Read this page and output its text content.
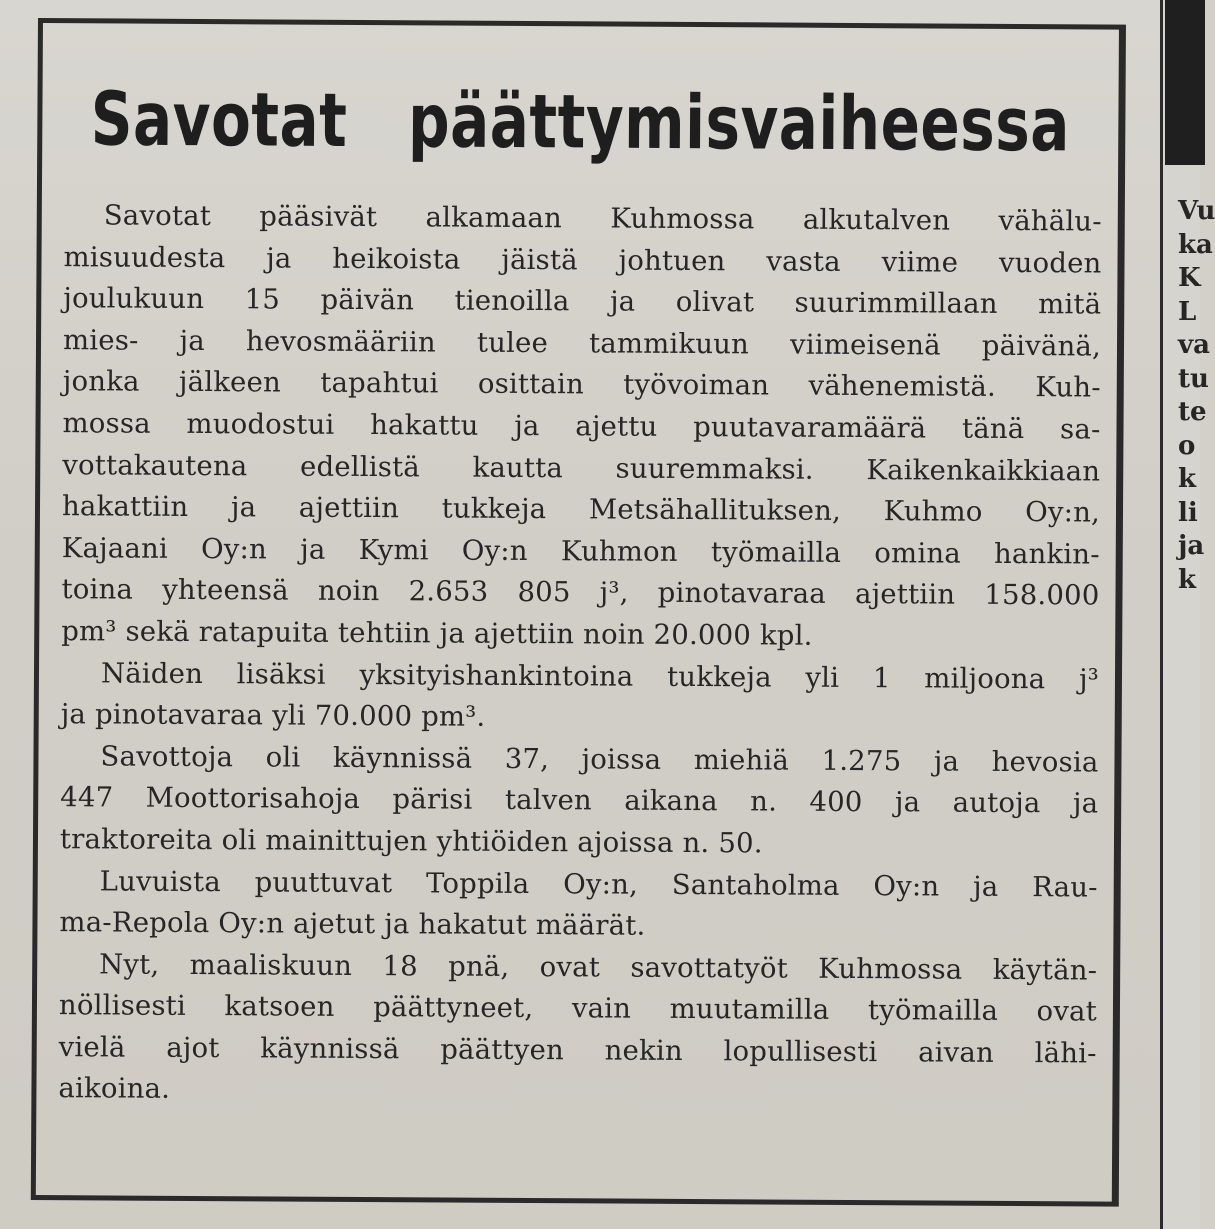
Savotat päättymisvaiheessa
Savotat pääsivät alkamaan Kuhmossa alkutalven vähälu-
misuudesta ja heikoista jäistä johtuen vasta viime vuoden
joulukuun 15 päivän tienoilla ja olivat suurimmillaan mitä
mies- ja hevosmääriin tulee tammikuun viimeisenä päivänä,
jonka jälkeen tapahtui osittain työvoiman vähenemistä. Kuh-
mossa muodostui hakattu ja ajettu puutavaramäärä tänä sa-
vottakautena edellistä kautta suuremmaksi. Kaikenkaikkiaan
hakattiin ja ajettiin tukkeja Metsähallituksen, Kuhmo Oy:n,
Kajaani Oy:n ja Kymi Oy:n Kuhmon työmailla omina hankin-
toina yhteensä noin 2.653 805 j³, pinotavaraa ajettiin 158.000
pm³ sekä ratapuita tehtiin ja ajettiin noin 20.000 kpl.
Näiden lisäksi yksityishankintoina tukkeja yli 1 miljoona j³
ja pinotavaraa yli 70.000 pm³.
Savottoja oli käynnissä 37, joissa miehiä 1.275 ja hevosia
447 Moottorisahoja pärisi talven aikana n. 400 ja autoja ja
traktoreita oli mainittujen yhtiöiden ajoissa n. 50.
Luvuista puuttuvat Toppila Oy:n, Santaholma Oy:n ja Rau-
ma-Repola Oy:n ajetut ja hakatut määrät.
Nyt, maaliskuun 18 pnä, ovat savottatyöt Kuhmossa käytän-
nöllisesti katsoen päättyneet, vain muutamilla työmailla ovat
vielä ajot käynnissä päättyen nekin lopullisesti aivan lähi-
aikoina.
Vu
ka
K
L
va
tu
te
o
k
li
ja
k
